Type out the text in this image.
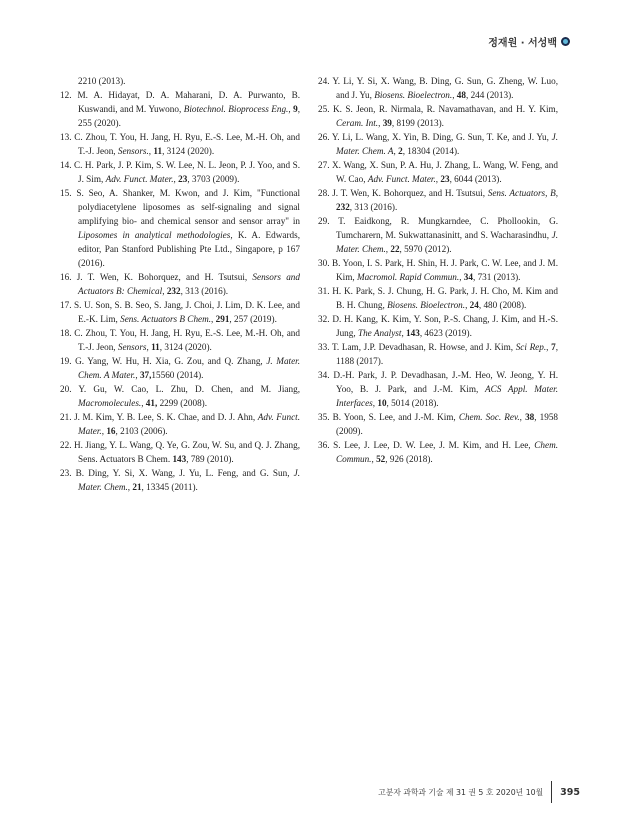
정재원 · 서성백

2210 (2013).

12. M. A. Hidayat, D. A. Maharani, D. A. Purwanto, B. Kuswandi, and M. Yuwono, Biotechnol. Bioprocess Eng., 9, 255 (2020).

13. C. Zhou, T. You, H. Jang, H. Ryu, E.-S. Lee, M.-H. Oh, and T.-J. Jeon, Sensors., 11, 3124 (2020).

14. C. H. Park, J. P. Kim, S. W. Lee, N. L. Jeon, P. J. Yoo, and S. J. Sim, Adv. Funct. Mater., 23, 3703 (2009).

15. S. Seo, A. Shanker, M. Kwon, and J. Kim, "Functional polydiacetylene liposomes as self-signaling and signal amplifying bio- and chemical sensor and sensor array" in Liposomes in analytical methodologies, K. A. Edwards, editor, Pan Stanford Publishing Pte Ltd., Singapore, p 167 (2016).

16. J. T. Wen, K. Bohorquez, and H. Tsutsui, Sensors and Actuators B: Chemical, 232, 313 (2016).

17. S. U. Son, S. B. Seo, S. Jang, J. Choi, J. Lim, D. K. Lee, and E.-K. Lim, Sens. Actuators B Chem., 291, 257 (2019).

18. C. Zhou, T. You, H. Jang, H. Ryu, E.-S. Lee, M.-H. Oh, and T.-J. Jeon, Sensors, 11, 3124 (2020).

19. G. Yang, W. Hu, H. Xia, G. Zou, and Q. Zhang, J. Mater. Chem. A Mater., 37,15560 (2014).

20. Y. Gu, W. Cao, L. Zhu, D. Chen, and M. Jiang, Macromolecules., 41, 2299 (2008).

21. J. M. Kim, Y. B. Lee, S. K. Chae, and D. J. Ahn, Adv. Funct. Mater., 16, 2103 (2006).

22. H. Jiang, Y. L. Wang, Q. Ye, G. Zou, W. Su, and Q. J. Zhang, Sens. Actuators B Chem. 143, 789 (2010).

23. B. Ding, Y. Si, X. Wang, J. Yu, L. Feng, and G. Sun, J. Mater. Chem., 21, 13345 (2011).

24. Y. Li, Y. Si, X. Wang, B. Ding, G. Sun, G. Zheng, W. Luo, and J. Yu, Biosens. Bioelectron., 48, 244 (2013).

25. K. S. Jeon, R. Nirmala, R. Navamathavan, and H. Y. Kim, Ceram. Int., 39, 8199 (2013).

26. Y. Li, L. Wang, X. Yin, B. Ding, G. Sun, T. Ke, and J. Yu, J. Mater. Chem. A, 2, 18304 (2014).

27. X. Wang, X. Sun, P. A. Hu, J. Zhang, L. Wang, W. Feng, and W. Cao, Adv. Funct. Mater., 23, 6044 (2013).

28. J. T. Wen, K. Bohorquez, and H. Tsutsui, Sens. Actuators, B, 232, 313 (2016).

29. T. Eaidkong, R. Mungkarndee, C. Phollookin, G. Tumcharern, M. Sukwattanasinitt, and S. Wacharasindhu, J. Mater. Chem., 22, 5970 (2012).

30. B. Yoon, I. S. Park, H. Shin, H. J. Park, C. W. Lee, and J. M. Kim, Macromol. Rapid Commun., 34, 731 (2013).

31. H. K. Park, S. J. Chung, H. G. Park, J. H. Cho, M. Kim and B. H. Chung, Biosens. Bioelectron., 24, 480 (2008).

32. D. H. Kang, K. Kim, Y. Son, P.-S. Chang, J. Kim, and H.-S. Jung, The Analyst, 143, 4623 (2019).

33. T. Lam, J.P. Devadhasan, R. Howse, and J. Kim, Sci Rep., 7, 1188 (2017).

34. D.-H. Park, J. P. Devadhasan, J.-M. Heo, W. Jeong, Y. H. Yoo, B. J. Park, and J.-M. Kim, ACS Appl. Mater. Interfaces, 10, 5014 (2018).

35. B. Yoon, S. Lee, and J.-M. Kim, Chem. Soc. Rev., 38, 1958 (2009).

36. S. Lee, J. Lee, D. W. Lee, J. M. Kim, and H. Lee, Chem. Commun., 52, 926 (2018).

고분자 과학과 기술 제 31 권 5 호 2020년 10월 395
